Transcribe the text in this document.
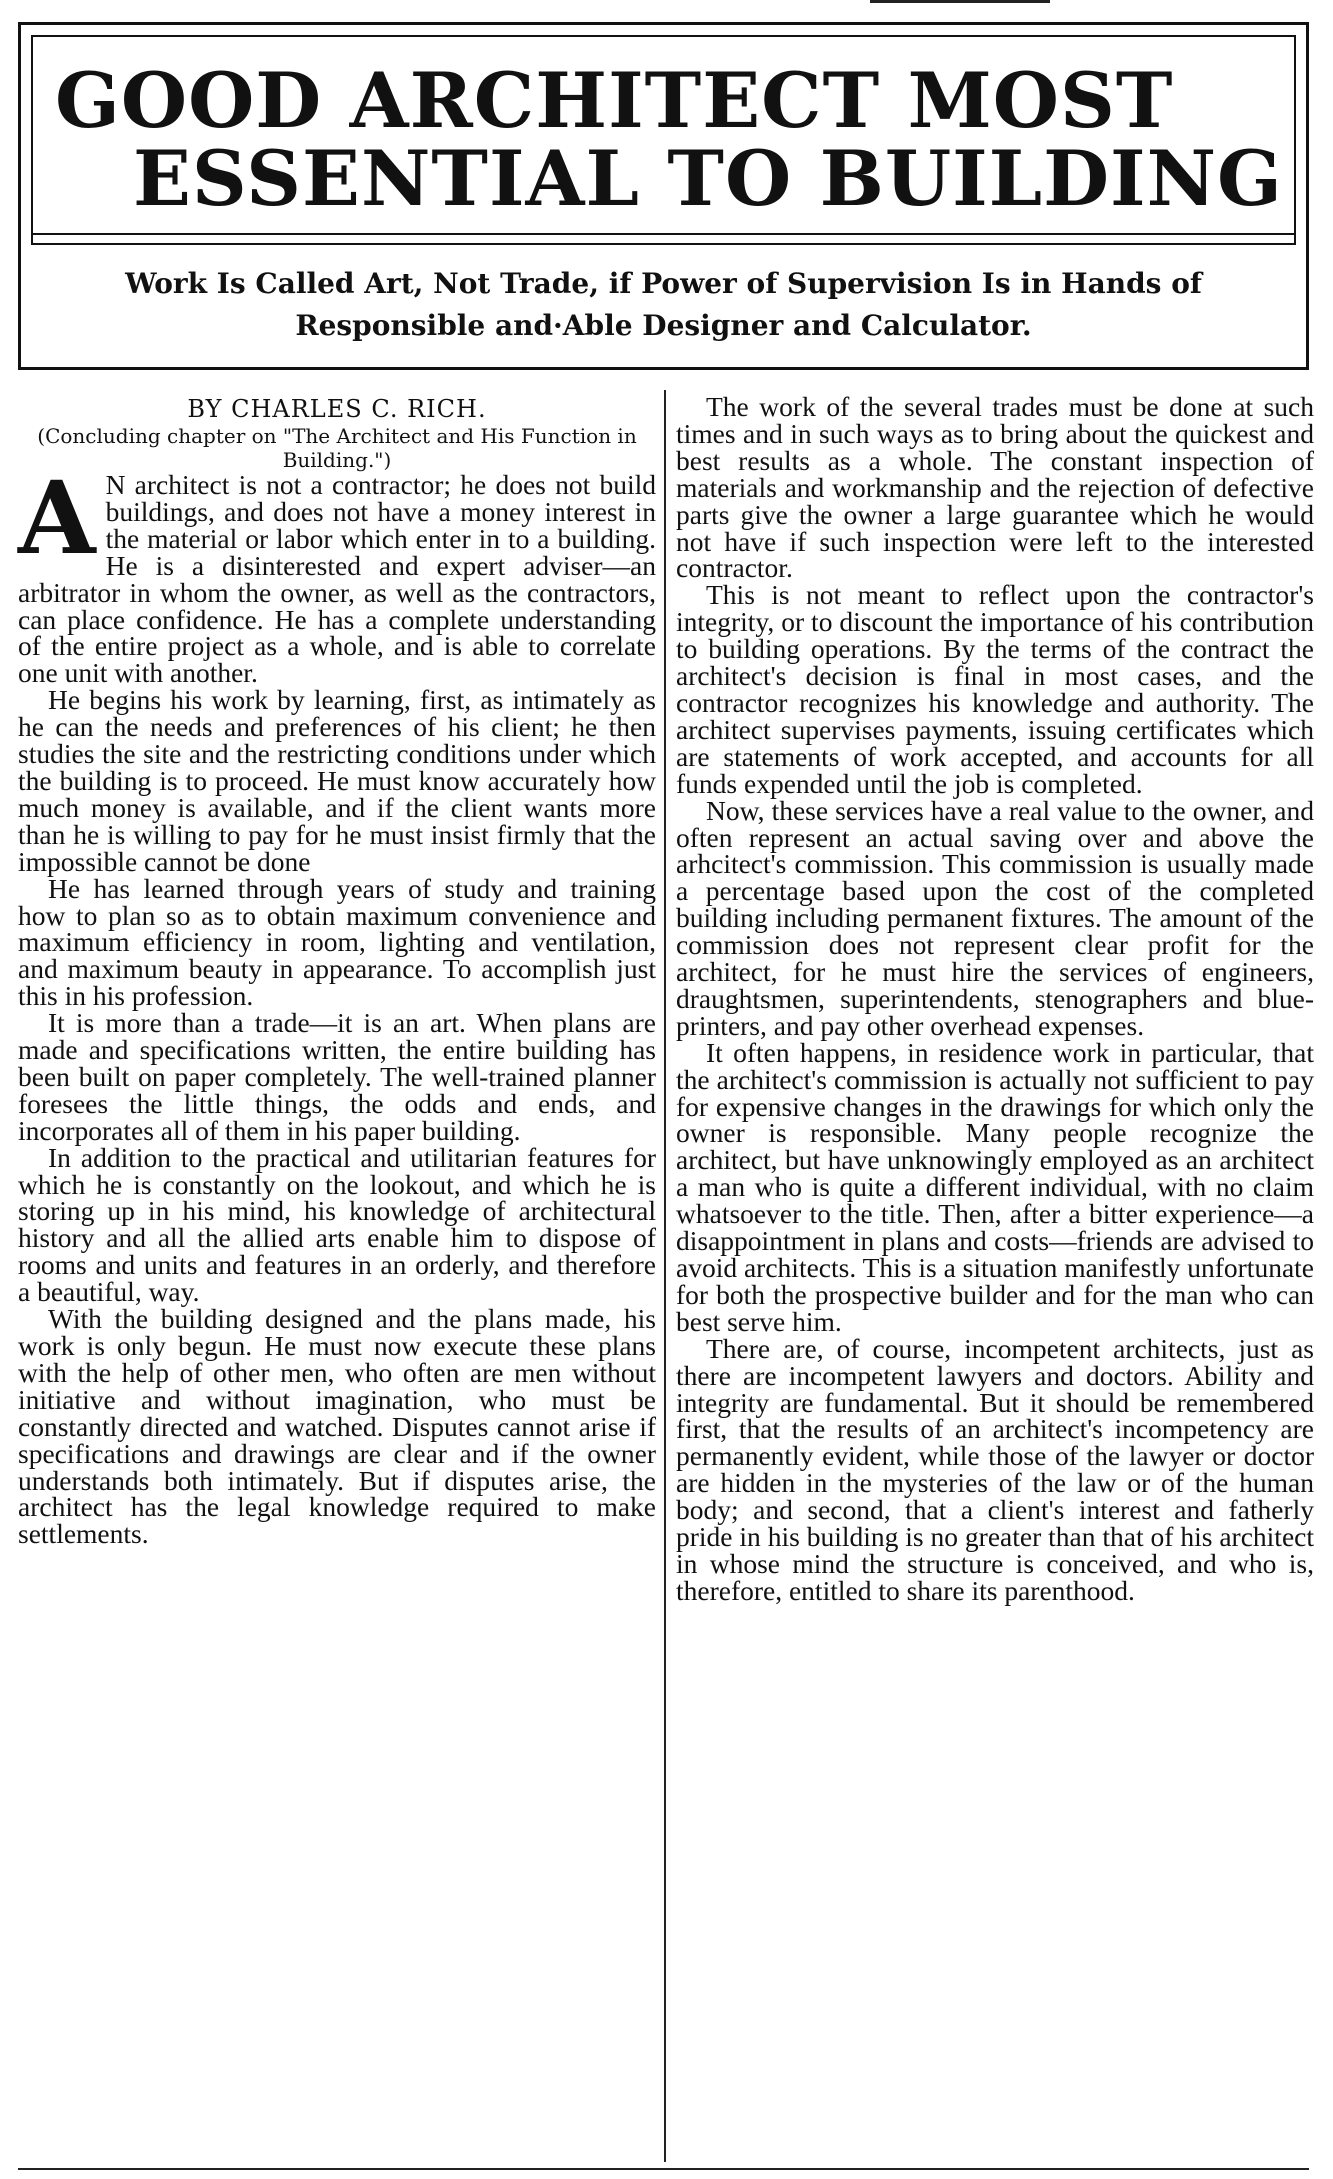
GOOD ARCHITECT MOST
ESSENTIAL TO BUILDING

Work Is Called Art, Not Trade, if Power of Supervision Is in Hands of Responsible and·Able Designer and Calculator.

BY CHARLES C. RICH.

(Concluding chapter on "The Architect and His Function in Building.")

A N architect is not a contractor; he does not build buildings, and does not have a money interest in the material or labor which enter in to a building. He is a disinterested and expert adviser—an arbitrator in whom the owner, as well as the contractors, can place confidence. He has a complete understanding of the entire project as a whole, and is able to correlate one unit with another.

He begins his work by learning, first, as intimately as he can the needs and preferences of his client; he then studies the site and the restricting conditions under which the building is to proceed. He must know accurately how much money is available, and if the client wants more than he is willing to pay for he must insist firmly that the impossible cannot be done

He has learned through years of study and training how to plan so as to obtain maximum convenience and maximum efficiency in room, lighting and ventilation, and maximum beauty in appearance. To accomplish just this in his profession.

It is more than a trade—it is an art. When plans are made and specifications written, the entire building has been built on paper completely. The well-trained planner foresees the little things, the odds and ends, and incorporates all of them in his paper building.

In addition to the practical and utilitarian features for which he is constantly on the lookout, and which he is storing up in his mind, his knowledge of architectural history and all the allied arts enable him to dispose of rooms and units and features in an orderly, and therefore a beautiful, way.

With the building designed and the plans made, his work is only begun. He must now execute these plans with the help of other men, who often are men without initiative and without imagination, who must be constantly directed and watched. Disputes cannot arise if specifications and drawings are clear and if the owner understands both intimately. But if disputes arise, the architect has the legal knowledge required to make settlements.

The work of the several trades must be done at such times and in such ways as to bring about the quickest and best results as a whole. The constant inspection of materials and workmanship and the rejection of defective parts give the owner a large guarantee which he would not have if such inspection were left to the interested contractor.

This is not meant to reflect upon the contractor's integrity, or to discount the importance of his contribution to building operations. By the terms of the contract the architect's decision is final in most cases, and the contractor recognizes his knowledge and authority. The architect supervises payments, issuing certificates which are statements of work accepted, and accounts for all funds expended until the job is completed.

Now, these services have a real value to the owner, and often represent an actual saving over and above the arhcitect's commission. This commission is usually made a percentage based upon the cost of the completed building including permanent fixtures. The amount of the commission does not represent clear profit for the architect, for he must hire the services of engineers, draughtsmen, superintendents, stenographers and blue-printers, and pay other overhead expenses.

It often happens, in residence work in particular, that the architect's commission is actually not sufficient to pay for expensive changes in the drawings for which only the owner is responsible. Many people recognize the architect, but have unknowingly employed as an architect a man who is quite a different individual, with no claim whatsoever to the title. Then, after a bitter experience—a disappointment in plans and costs—friends are advised to avoid architects. This is a situation manifestly unfortunate for both the prospective builder and for the man who can best serve him.

There are, of course, incompetent architects, just as there are incompetent lawyers and doctors. Ability and integrity are fundamental. But it should be remembered first, that the results of an architect's incompetency are permanently evident, while those of the lawyer or doctor are hidden in the mysteries of the law or of the human body; and second, that a client's interest and fatherly pride in his building is no greater than that of his architect in whose mind the structure is conceived, and who is, therefore, entitled to share its parenthood.
